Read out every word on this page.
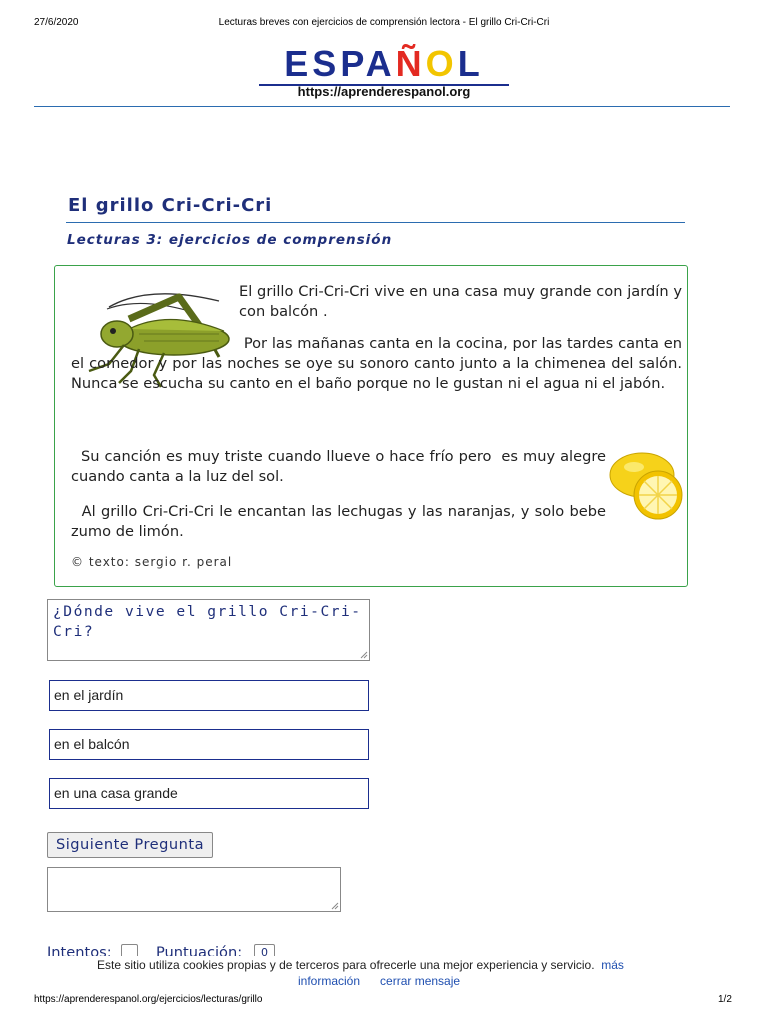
27/6/2020	Lecturas breves con ejercicios de comprensión lectora - El grillo Cri-Cri-Cri
ESPAÑOL
https://aprenderespanol.org
El grillo Cri-Cri-Cri
Lecturas 3: ejercicios de comprensión

El grillo Cri-Cri-Cri vive en una casa muy grande con jardín y con balcón .

Por las mañanas canta en la cocina, por las tardes canta en el comedor y por las noches se oye su sonoro canto junto a la chimenea del salón. Nunca se escucha su canto en el baño porque no le gustan ni el agua ni el jabón.
Su canción es muy triste cuando llueve o hace frío pero  es muy alegre cuando canta a la luz del sol.
Al grillo Cri-Cri-Cri le encantan las lechugas y las naranjas, y solo bebe zumo de limón.
© texto: sergio r. peral
¿Dónde vive el grillo Cri-Cri-Cri?
en el jardín
en el balcón
en una casa grande
Siguiente Pregunta
Intentos:	Puntuación:	0
Este sitio utiliza cookies propias y de terceros para ofrecerle una mejor experiencia y servicio. más
información cerrar mensaje
https://aprenderespanol.org/ejercicios/lecturas/grillo	1/2
